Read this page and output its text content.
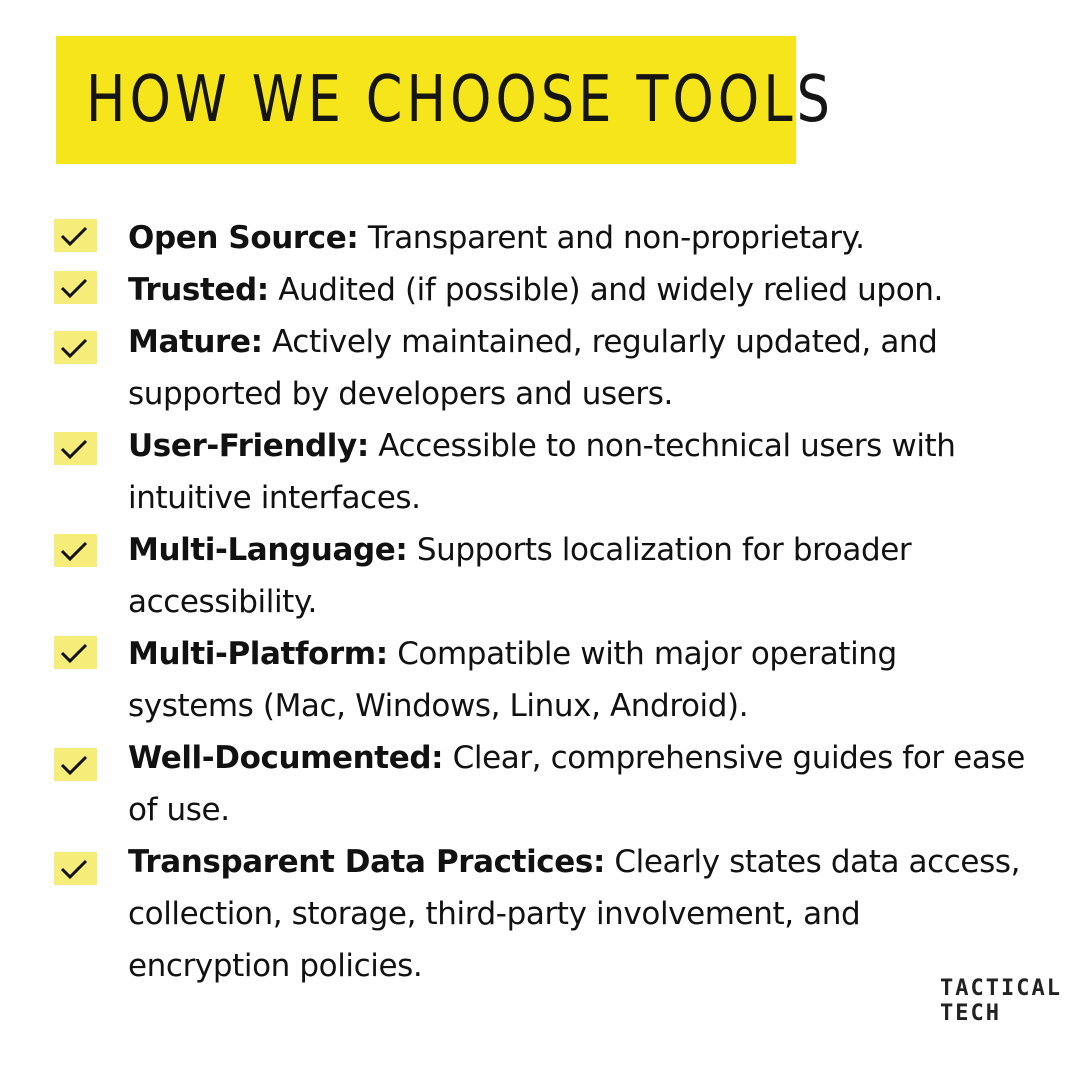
HOW WE CHOOSE TOOLS
Open Source: Transparent and non-proprietary.
Trusted: Audited (if possible) and widely relied upon.
Mature: Actively maintained, regularly updated, and supported by developers and users.
User-Friendly: Accessible to non-technical users with intuitive interfaces.
Multi-Language: Supports localization for broader accessibility.
Multi-Platform: Compatible with major operating systems (Mac, Windows, Linux, Android).
Well-Documented: Clear, comprehensive guides for ease of use.
Transparent Data Practices: Clearly states data access, collection, storage, third-party involvement, and encryption policies.
TACTICAL
TECH
